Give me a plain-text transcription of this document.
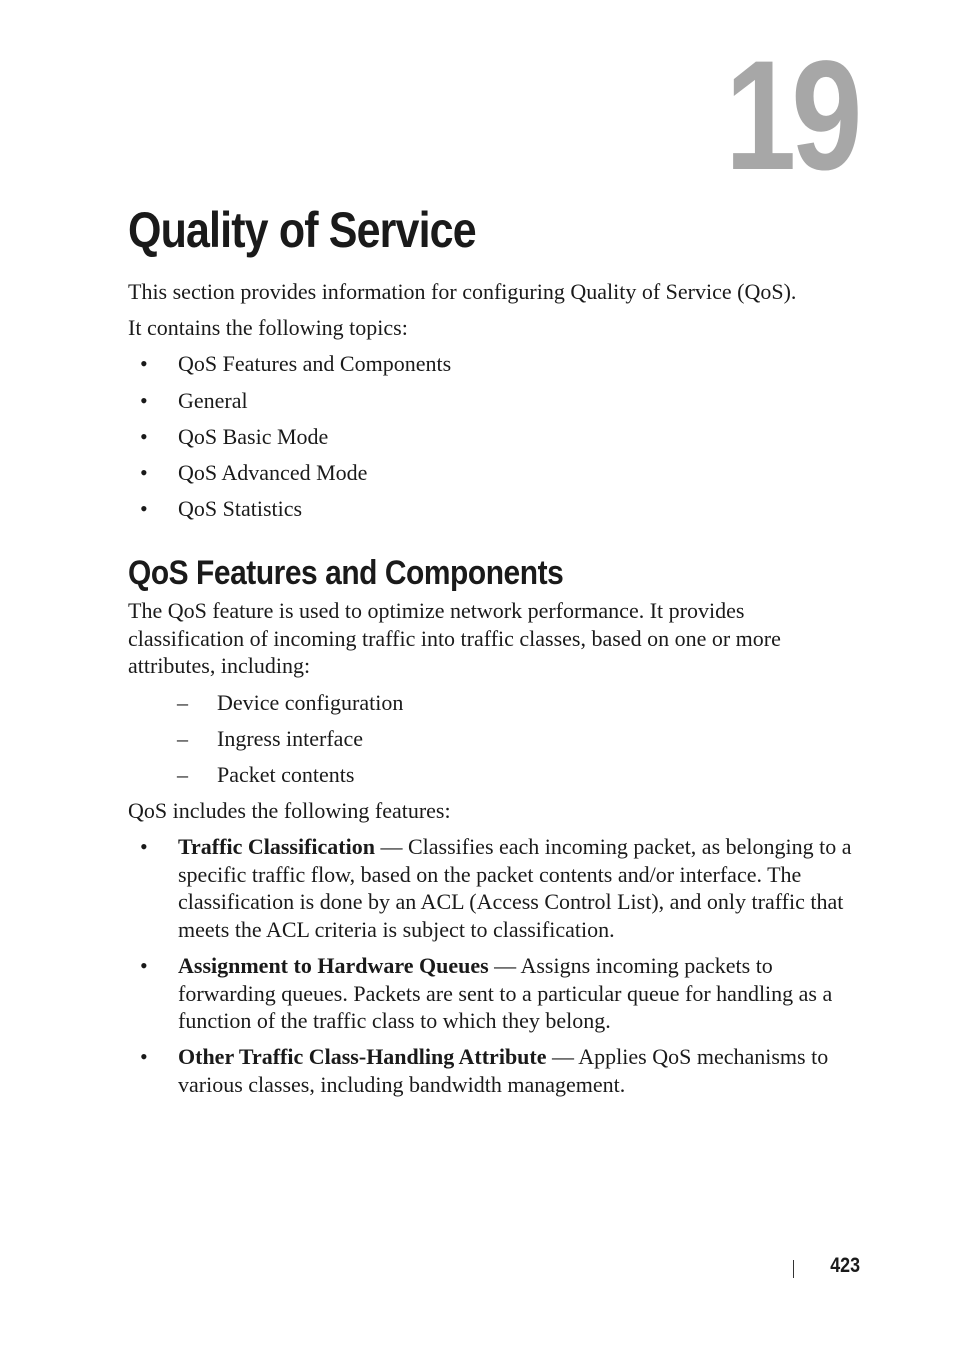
19
Quality of Service

This section provides information for configuring Quality of Service (QoS).

It contains the following topics:

• QoS Features and Components
• General
• QoS Basic Mode
• QoS Advanced Mode
• QoS Statistics
QoS Features and Components

The QoS feature is used to optimize network performance. It provides classification of incoming traffic into traffic classes, based on one or more attributes, including:

– Device configuration
– Ingress interface
– Packet contents

QoS includes the following features:

• Traffic Classification — Classifies each incoming packet, as belonging to a specific traffic flow, based on the packet contents and/or interface. The classification is done by an ACL (Access Control List), and only traffic that meets the ACL criteria is subject to classification.
• Assignment to Hardware Queues — Assigns incoming packets to forwarding queues. Packets are sent to a particular queue for handling as a function of the traffic class to which they belong.
• Other Traffic Class-Handling Attribute — Applies QoS mechanisms to various classes, including bandwidth management.
423
